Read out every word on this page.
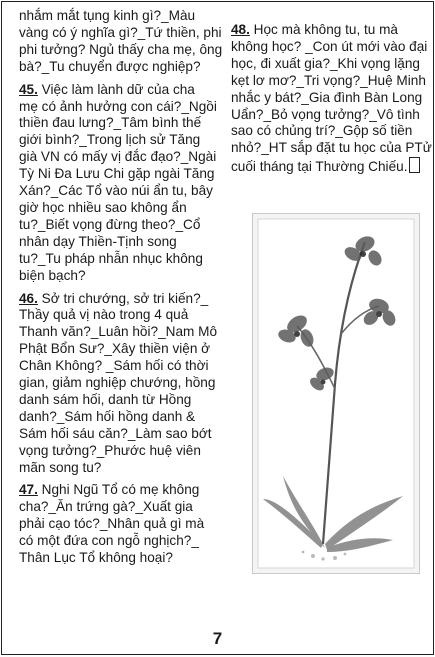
nhắm mắt tụng kinh gì?_Màu
vàng có ý nghĩa gì?_Tứ thiền, phi
phi tưởng? Ngủ thấy cha mẹ, ông
bà?_Tu chuyển được nghiệp?
45. Việc làm lành dữ của cha
mẹ có ảnh hưởng con cái?_Ngồi
thiền đau lưng?_Tâm bình thế
giới bình?_Trong lịch sử Tăng
già VN có mấy vị đắc đạo?_Ngài
Tỳ Ni Đa Lưu Chi gặp ngài Tăng
Xán?_Các Tổ vào núi ẩn tu, bây
giờ học nhiều sao không ẩn
tu?_Biết vọng đừng theo?_Cổ
nhân dạy Thiền-Tịnh song
tu?_Tu pháp nhẫn nhục không
biện bạch?
46. Sở tri chướng, sở tri kiến?_
Thầy quả vị nào trong 4 quả
Thanh văn?_Luân hồi?_Nam Mô
Phật Bổn Sư?_Xây thiền viện ở
Chân Không? _Sám hối có thời
gian, giảm nghiệp chướng, hồng
danh sám hối, danh từ Hồng
danh?_Sám hối hồng danh &
Sám hối sáu căn?_Làm sao bớt
vọng tưởng?_Phước huệ viên
mãn song tu?
47. Nghi Ngũ Tổ có mẹ không
cha?_Ăn trứng gà?_Xuất gia
phải cạo tóc?_Nhân quả gì mà
có một đứa con ngỗ nghịch?_
Thân Lục Tổ không hoại?
48. Học mà không tu, tu mà
không học? _Con út mới vào đại
học, đi xuất gia?_Khi vọng lặng
kẹt lơ mơ?_Tri vọng?_Huệ Minh
nhắc y bát?_Gia đình Bàn Long
Uẩn?_Bỏ vọng tưởng?_Vô tình
sao có chủng trí?_Gộp số tiền
nhỏ?_HT sắp đặt tu học của PTử
cuối tháng tại Thường Chiếu.
7
